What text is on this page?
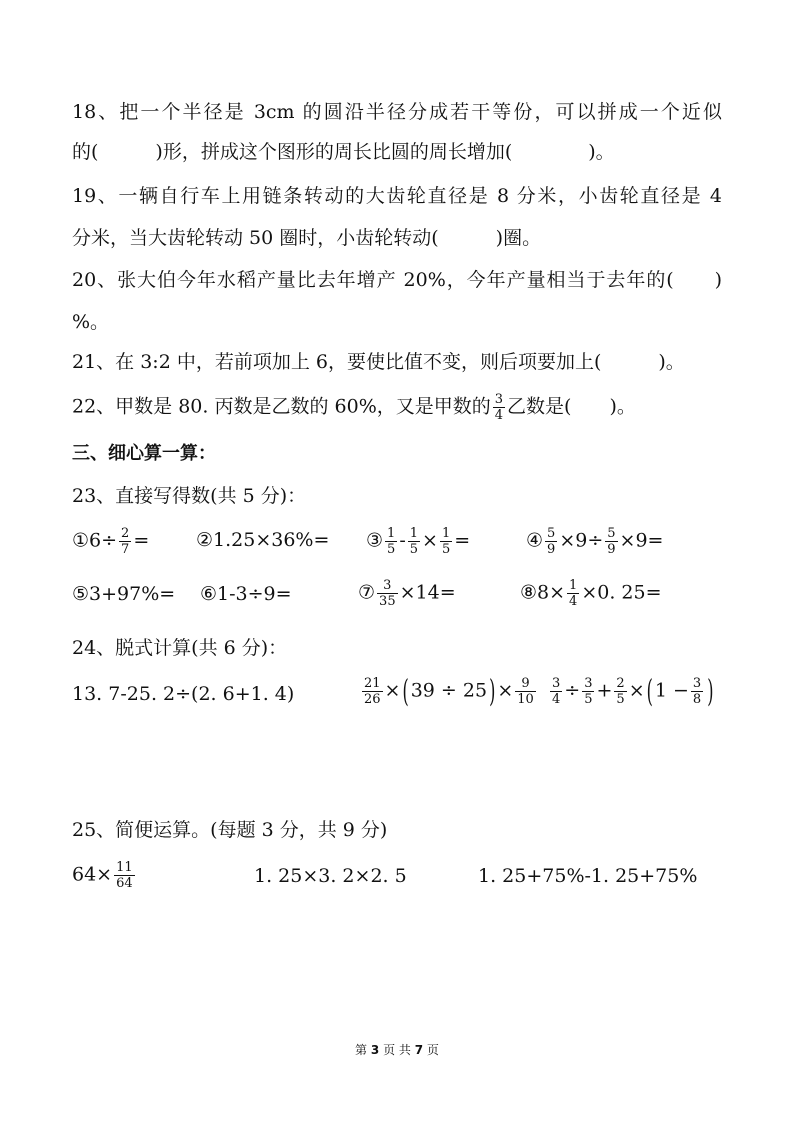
18、把一个半径是 3cm 的圆沿半径分成若干等份，可以拼成一个近似
的(　　　)形，拼成这个图形的周长比圆的周长增加(　　　　)。
19、一辆自行车上用链条转动的大齿轮直径是 8 分米，小齿轮直径是 4
分米，当大齿轮转动 50 圈时，小齿轮转动(　　　)圈。
20、张大伯今年水稻产量比去年增产 20%，今年产量相当于去年的(　　)
%。
21、在 3:2 中，若前项加上 6，要使比值不变，则后项要加上(　　　)。
22、甲数是 80. 丙数是乙数的 60%，又是甲数的 $\frac{3}{4}$ 乙数是(　　)。
三、细心算一算：
23、直接写得数(共 5 分)：
①6÷ $\frac{2}{7}$ = ②1.25×36%= ③ $\frac{1}{5} - \frac{1}{5} \times \frac{1}{5}$ =	④ $\frac{5}{9} \times 9\div \frac{5}{9} \times 9=$
⑤3+97%= ⑥1-3÷9=	⑦ $\frac{3}{35} \times 14=$	⑧8× $\frac{1}{4} \times 0$. 25=
24、脱式计算(共 6 分)：
13. 7-25. 2÷(2. 6+1. 4)	$\frac{21}{26}$ × ( 39 ÷ 25 ) × $\frac{9}{10} \frac{3}{4} \div \frac{3}{5} + \frac{2}{5}$ × ( $1 - \frac{3}{8}$ )
25、简便运算。(每题 3 分，共 9 分)
$64\times \frac{11}{64}$	1. 25×3. 2×2. 5	1. 25+75%-1. 25+75%
第 3 页 共 7 页
